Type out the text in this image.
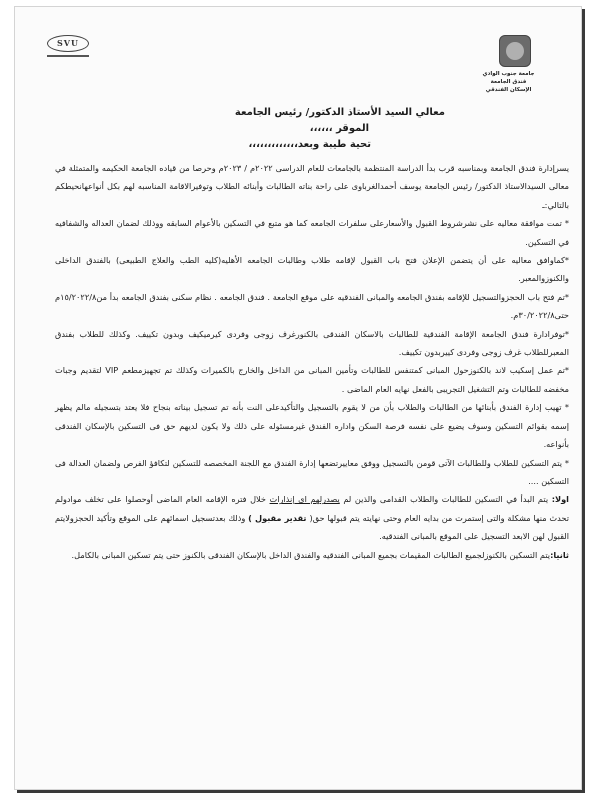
SVU
جامعة جنوب الوادي
فندق الجامعة
الإسكان الفندقي
معالي السيد الأستاذ الدكتور/ رئيس الجامعة
الموقر ،،،،،،
تحية طيبة وبعد،،،،،،،،،،،،،

يسرإدارة فندق الجامعة وبمناسبه قرب بدأ الدراسة المنتظمة بالجامعات للعام الدراسى ٢٠٢٢م / ٢٠٢٣م وحرصا من قياده الجامعة الحكيمه والمتمثلة في معالى السيدالاستاذ الدكتور/ رئيس الجامعة يوسف أحمدالغرباوى على راحة بناته الطالبات وأبنائه الطلاب وتوفيرالاقامة المناسبه لهم بكل أنواعهانحيطكم بالتالي:ـ

* تمت موافقة معاليه على نشرشروط القبول والأسعارعلى سلفرات الجامعه كما هو متبع في التسكين بالأعوام السابقه ووذلك لضمان العداله والشفافيه في التسكين.

*كماوافق معاليه على أن يتضمن الإعلان فتح باب القبول لإقامه طلاب وطالبات الجامعه الأهليه(كليه الطب والعلاج الطبيعى) بالفندق الداخلى والكنوزوالمعبر.

*تم فتح باب الحجزوالتسجيل للإقامه بفندق الجامعه والمبانى الفندقيه على موقع الجامعة . فندق الجامعه . نظام سكنى بفندق الجامعه بدأ من١٥/٢٠٢٢/٨م حتى٣٠/٢٠٢٢/٨م.

*توفرادارة فندق الجامعة الإقامة الفندقية للطالبات بالاسكان الفندقى بالكنورغرف زوجى وفردى كيرميكيف وبدون تكييف. وكذلك للطلاب بفندق المعبرللطلاب غرف زوجى وفردى كييربدون تكييف.

*تم عمل إسكيب لاند بالكنوزحول المبانى كمتنفس للطالبات وتأمين المبانى من الداخل والخارج بالكميرات وكذلك تم تجهيزمطعم VIP لتقديم وجبات مخفضه للطالبات وتم التشغيل التجريبى بالفعل نهايه العام الماضى .

* تهيب إدارة الفندق بأبنائها من الطالبات والطلاب بأن من لا يقوم بالتسجيل والتأكيدعلى النت بأنه تم تسجيل بيناته بنجاح فلا يعتد بتسجيله مالم يظهر إسمه بقوائم التسكين وسوف يضيع على نفسه فرصة السكن واداره الفندق غيرمسئوله على ذلك ولا يكون لديهم حق فى التسكين بالإسكان الفندقى بأنواعه.

* يتم التسكين للطلاب وللطالبات الآتى قومن بالتسجيل ووفق معاييرتضعها إدارة الفندق مع اللجنة المخصصه للتسكين لتكافؤ الفرص ولضمان العدالة فى التسكين ....

اولا: يتم البدأ في التسكين للطالبات والطلاب القدامى والذين لم يصدرلهم اى إنذارات خلال فتره الإقامه العام الماضى أوحصلوا على تخلف موادولم تحدث منها مشكلة والتى إستمرت من بدايه العام وحتى نهايته يتم قبولها حق( تقدير مقبول ) وذلك بعدتسجيل اسمائهم على الموقع وتأكيد الحجزولايتم القبول لهن الابعد التسجيل على الموقع بالمبانى الفندقيه.

ثانيا:يتم التسكين بالكنوزلجميع الطالبات المقيمات بجميع المبانى الفندقيه والفندق الداخل بالإسكان الفندقى بالكنوز حتى يتم تسكين المبانى بالكامل.
